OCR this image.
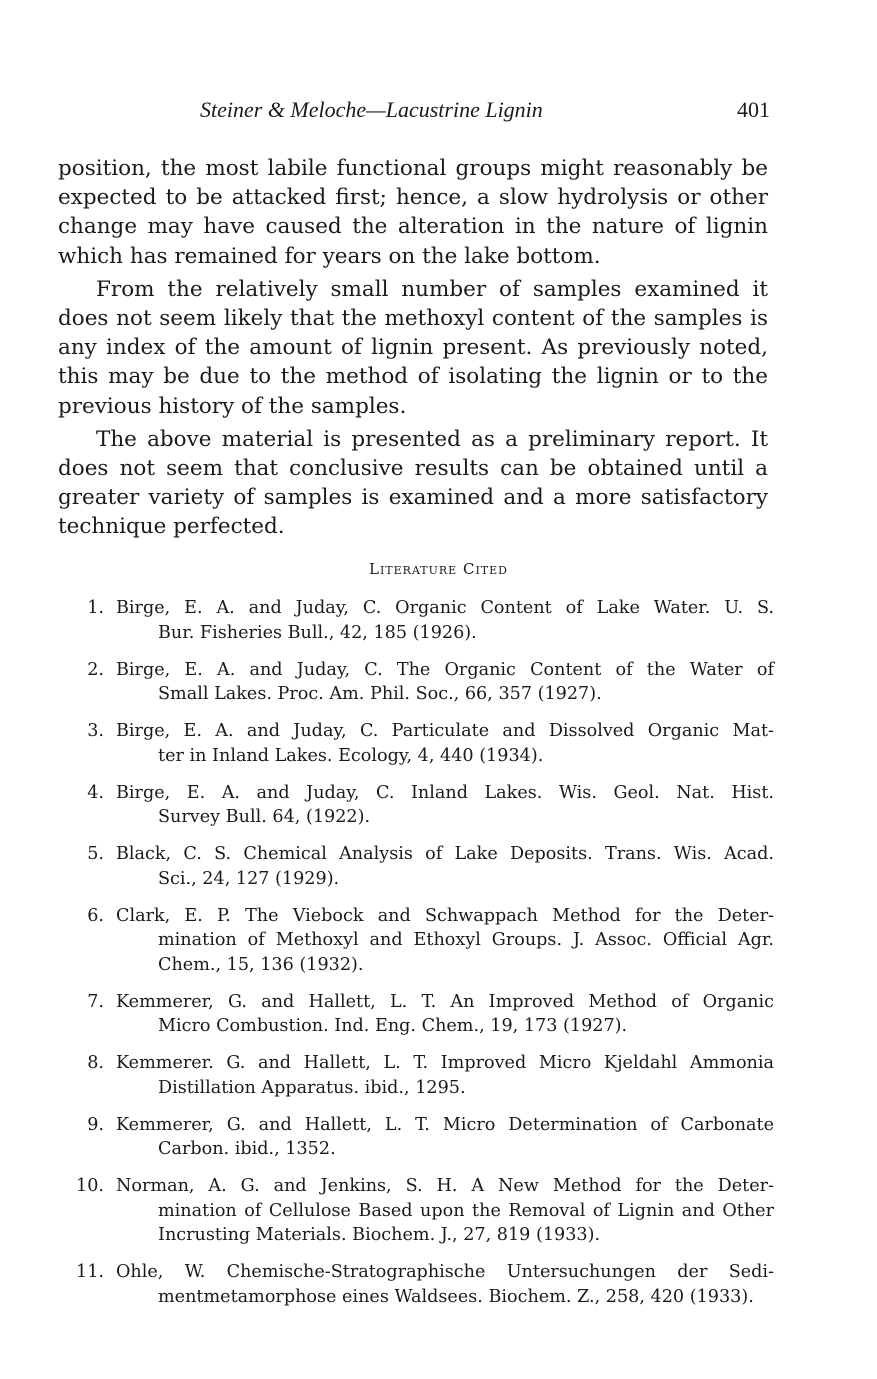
Steiner & Meloche—Lacustrine Lignin	401

position, the most labile functional groups might reasonably be expected to be attacked first; hence, a slow hydrolysis or other change may have caused the alteration in the nature of lignin which has remained for years on the lake bottom.

From the relatively small number of samples examined it does not seem likely that the methoxyl content of the samples is any index of the amount of lignin present. As previously noted, this may be due to the method of isolating the lignin or to the previous history of the samples.

The above material is presented as a preliminary report. It does not seem that conclusive results can be obtained until a greater variety of samples is examined and a more satisfactory technique perfected.

Literature Cited
1. Birge, E. A. and Juday, C. Organic Content of Lake Water. U. S.
Bur. Fisheries Bull., 42, 185 (1926).
2. Birge, E. A. and Juday, C. The Organic Content of the Water of
Small Lakes. Proc. Am. Phil. Soc., 66, 357 (1927).
3. Birge, E. A. and Juday, C. Particulate and Dissolved Organic Mat-
ter in Inland Lakes. Ecology, 4, 440 (1934).
4. Birge, E. A. and Juday, C. Inland Lakes. Wis. Geol. Nat. Hist.
Survey Bull. 64, (1922).
5. Black, C. S. Chemical Analysis of Lake Deposits. Trans. Wis. Acad.
Sci., 24, 127 (1929).
6. Clark, E. P. The Viebock and Schwappach Method for the Deter-
mination of Methoxyl and Ethoxyl Groups. J. Assoc. Official Agr. Chem., 15, 136 (1932).
7. Kemmerer, G. and Hallett, L. T. An Improved Method of Organic
Micro Combustion. Ind. Eng. Chem., 19, 173 (1927).
8. Kemmerer. G. and Hallett, L. T. Improved Micro Kjeldahl Ammonia
Distillation Apparatus. ibid., 1295.
9. Kemmerer, G. and Hallett, L. T. Micro Determination of Carbonate
Carbon. ibid., 1352.
10. Norman, A. G. and Jenkins, S. H. A New Method for the Deter-
mination of Cellulose Based upon the Removal of Lignin and Other Incrusting Materials. Biochem. J., 27, 819 (1933).
11. Ohle, W. Chemische-Stratographische Untersuchungen der Sedi-
mentmetamorphose eines Waldsees. Biochem. Z., 258, 420 (1933).
